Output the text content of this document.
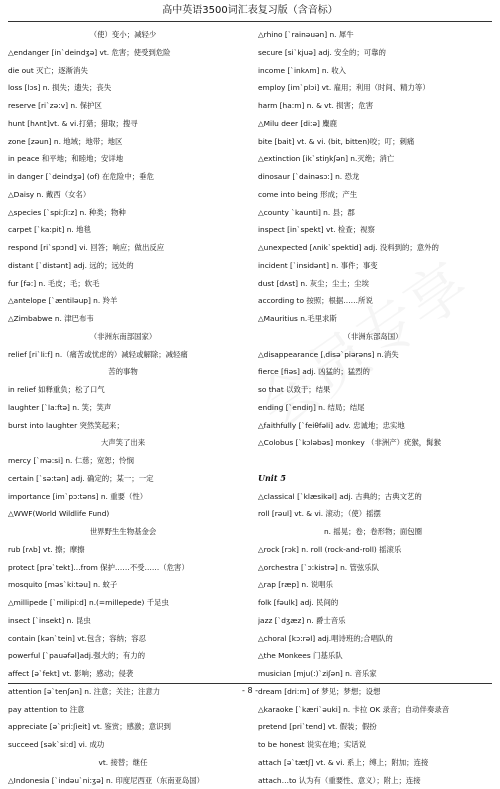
高中英语3500词汇表复习版（含音标）
（使）变小；减轻少
△endanger [in`deindʒə] vt. 危害；使受到危险
die out 灭亡；逐渐消失
loss [lɔs] n. 损失；遗失；丧失
reserve [ri`zə:v] n. 保护区
hunt [hʌnt]vt. & vi.打猎；猎取；搜寻
zone [zəun] n. 地域；地带；地区
in peace 和平地；和睦地；安详地
in danger [`deindʒə] (of) 在危险中；垂危
△Daisy n. 戴西（女名）
△species [`spi:ʃi:z] n. 种类；物种
carpet [`ka:pit] n. 地毯
respond [ri`spɔnd] vi. 回答；响应；做出反应
distant [`distənt] adj. 远的；远处的
fur [fə:] n. 毛皮；毛；软毛
△antelope [`æntiləup] n. 羚羊
△Zimbabwe n. 津巴布韦
（非洲东南部国家）
relief [ri`li:f] n.（痛苦或忧虑的）减轻或解除；减轻痛
苦的事物
in relief 如释重负；松了口气
laughter [`la:ftə] n. 笑；笑声
burst into laughter 突然笑起来；
大声笑了出来
mercy [`mə:si] n. 仁慈；宽恕；怜悯
certain [`sə:tən] adj. 确定的；某一；一定
importance [im`pɔ:təns] n. 重要（性）
△WWF(World Wildlife Fund)
世界野生生物基金会
rub [rʌb] vt. 擦；摩擦
protect [prə`tekt]…from 保护……不受……（危害）
mosquito [məs`ki:təu] n. 蚊子
△millipede [`milipi:d] n.(=millepede) 千足虫
insect [`insekt] n. 昆虫
contain [kən`tein] vt.包含；容纳；容忍
powerful [`pauəfəl]adj.强大的；有力的
affect [ə`fekt] vt. 影响；感动；侵袭
attention [ə`tenʃən] n. 注意；关注；注意力
pay attention to 注意
appreciate [ə`pri:ʃieit] vt. 鉴赏；感激；意识到
succeed [sək`si:d] vi. 成功
vt. 接替；继任
△Indonesia [`indəu`ni:ʒə] n. 印度尼西亚（东南亚岛国）
△rhino [`rainəuən] n. 犀牛
secure [si`kjuə] adj. 安全的；可靠的
income [`inkʌm] n. 收入
employ [im`plɔi] vt. 雇用；利用（时间、精力等）
harm [ha:m] n. & vt. 损害；危害
△Milu deer [di:ə] 麋鹿
bite [bait] vt. & vi. (bit, bitten)咬；叮；刺痛
△extinction [ik`stiŋkʃən] n.灭绝；消亡
dinosaur [`dainəsɔ:] n. 恐龙
come into being 形成；产生
△county `kaunti] n. 县；郡
inspect [in`spekt] vt. 检查；视察
△unexpected [ʌnik`spektid] adj. 没料到的；意外的
incident [`insidənt] n. 事件；事变
dust [dʌst] n. 灰尘；尘土；尘埃
according to 按照；根据……所说
△Mauritius n.毛里求斯
（非洲东部岛国）
△disappearance [ˌdisə`piərəns] n.消失
fierce [fiəs] adj. 凶猛的；猛烈的
so that 以致于；结果
ending [`endiŋ] n. 结局；结尾
△faithfully [`feiθfəli] adv. 忠诚地；忠实地
△Colobus [`kɔləbəs] monkey （非洲产）疣猴，髯猴
Unit 5
△classical [`klæsikəl] adj. 古典的；古典文艺的
roll [rəul] vt. & vi. 滚动；（使）摇摆
n. 摇晃；卷；卷形物；面包圈
△rock [rɔk] n. roll (rock-and-roll) 摇滚乐
△orchestra [`ɔ:kistrə] n. 管弦乐队
△rap [ræp] n. 说唱乐
folk [fəulk] adj. 民间的
jazz [`dʒæz] n. 爵士音乐
△choral [kɔ:rəl] adj.唱诗班的;合唱队的
△the Monkees 门基乐队
musician [mju(:)`ziʃən] n. 音乐家
dream [dri:m] of 梦见；梦想；设想
△karaoke [`kæri`əuki] n. 卡拉 OK 录音；自动伴奏录音
pretend [pri`tend] vt. 假装；假扮
to be honest 说实在地；实话说
attach [ə`tætʃ] vt. & vi. 系上；缚上；附加；连接
attach…to 认为有（重要性、意义）；附上；连接
- 8 -
